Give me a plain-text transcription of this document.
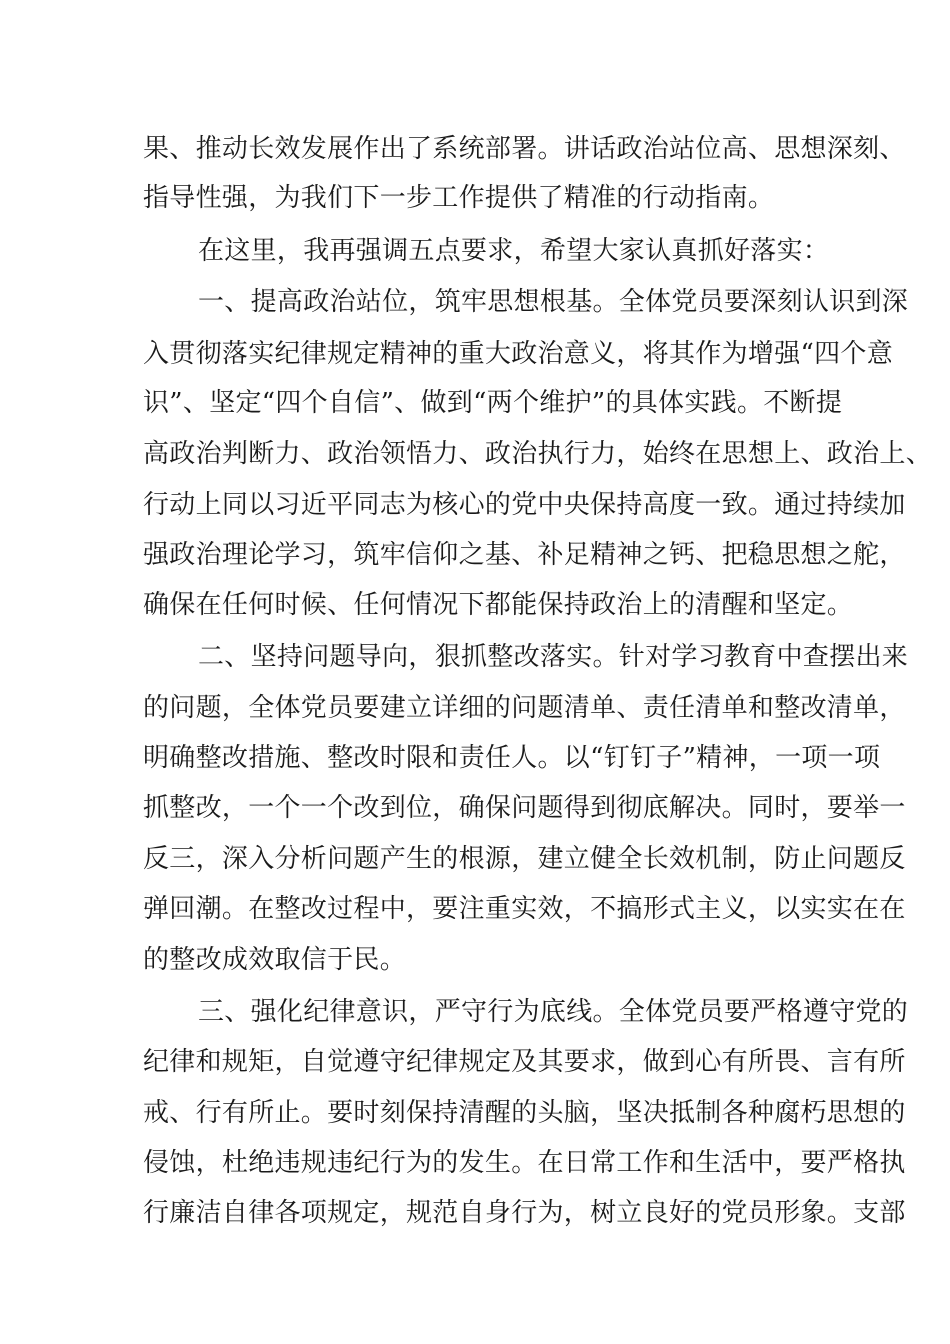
果、推动长效发展作出了系统部署。讲话政治站位高、思想深刻、
指导性强，为我们下一步工作提供了精准的行动指南。
在这里，我再强调五点要求，希望大家认真抓好落实：
一、提高政治站位，筑牢思想根基。全体党员要深刻认识到深
入贯彻落实纪律规定精神的重大政治意义，将其作为增强“四个意
识”、坚定“四个自信”、做到“两个维护”的具体实践。不断提
高政治判断力、政治领悟力、政治执行力，始终在思想上、政治上、
行动上同以习近平同志为核心的党中央保持高度一致。通过持续加
强政治理论学习，筑牢信仰之基、补足精神之钙、把稳思想之舵，
确保在任何时候、任何情况下都能保持政治上的清醒和坚定。
二、坚持问题导向，狠抓整改落实。针对学习教育中查摆出来
的问题，全体党员要建立详细的问题清单、责任清单和整改清单，
明确整改措施、整改时限和责任人。以“钉钉子”精神，一项一项
抓整改，一个一个改到位，确保问题得到彻底解决。同时，要举一
反三，深入分析问题产生的根源，建立健全长效机制，防止问题反
弹回潮。在整改过程中，要注重实效，不搞形式主义，以实实在在
的整改成效取信于民。
三、强化纪律意识，严守行为底线。全体党员要严格遵守党的
纪律和规矩，自觉遵守纪律规定及其要求，做到心有所畏、言有所
戒、行有所止。要时刻保持清醒的头脑，坚决抵制各种腐朽思想的
侵蚀，杜绝违规违纪行为的发生。在日常工作和生活中，要严格执
行廉洁自律各项规定，规范自身行为，树立良好的党员形象。支部
